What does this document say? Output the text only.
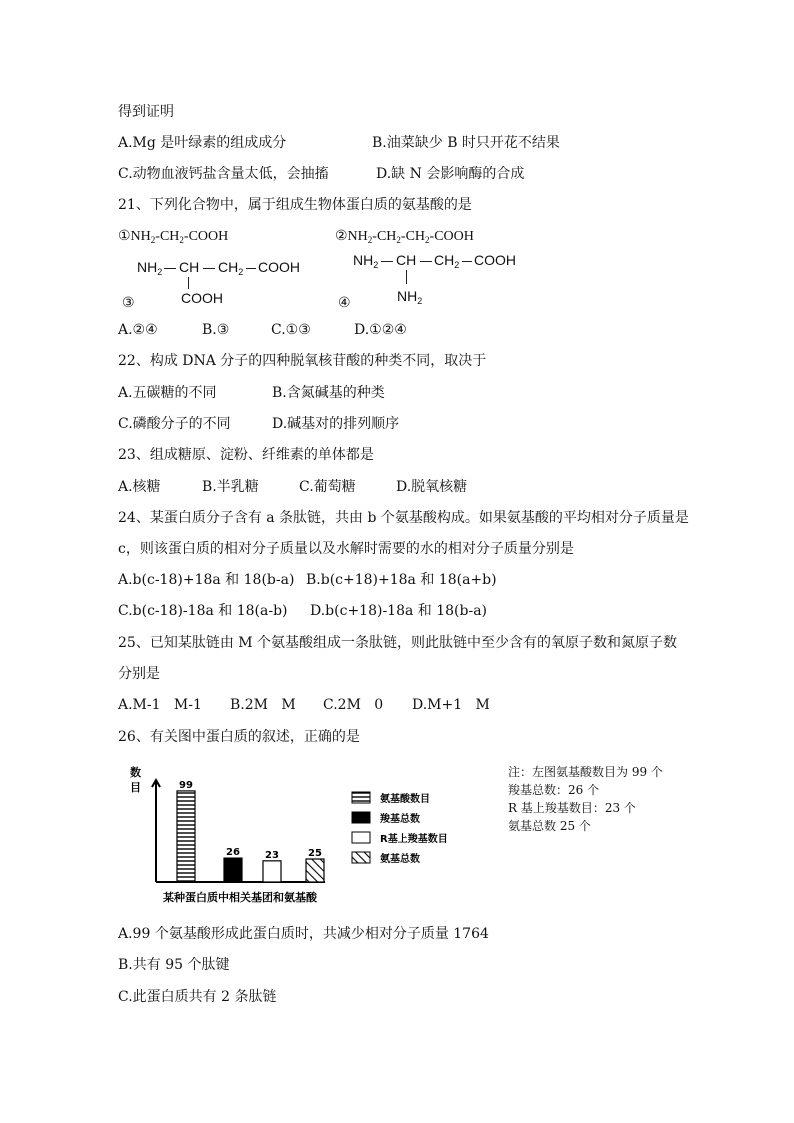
得到证明
A.Mg 是叶绿素的组成成分	B.油菜缺少 B 时只开花不结果
C.动物血液钙盐含量太低，会抽搐	D.缺 N 会影响酶的合成
21、下列化合物中，属于组成生物体蛋白质的氨基酸的是
$①NH_2-CH_2$-COOH	$②NH_2-CH_2-CH_2$-COOH
$NH_2$ CH $CH_2$ COOH
COOH
③
$NH_2$ CH $CH_2$ COOH
$NH_2$
④
A.②④	B.③	C.①③	D.①②④
22、构成 DNA 分子的四种脱氧核苷酸的种类不同，取决于
A.五碳糖的不同	B.含氮碱基的种类
C.磷酸分子的不同	D.碱基对的排列顺序
23、组成糖原、淀粉、纤维素的单体都是
A.核糖	B.半乳糖	C.葡萄糖	D.脱氧核糖
24、某蛋白质分子含有 a 条肽链，共由 b 个氨基酸构成。如果氨基酸的平均相对分子质量是
c，则该蛋白质的相对分子质量以及水解时需要的水的相对分子质量分别是
A.b(c-18)+18a 和 18(b-a) B.b(c+18)+18a 和 18(a+b)
C.b(c-18)-18a 和 18(a-b) D.b(c+18)-18a 和 18(b-a)
25、已知某肽链由 M 个氨基酸组成一条肽链，则此肽链中至少含有的氧原子数和氮原子数
分别是
A.M-1   M-1 B.2M   M C.2M   0 D.M+1   M
26、有关图中蛋白质的叙述，正确的是
数
目
某种蛋白质中相关基团和氨基酸
99
26	23	25
氨基酸数目
羧基总数
R基上羧基数目
氨基总数
注：左图氨基酸数目为 99 个
羧基总数：26 个
R 基上羧基数目：23 个
氨基总数 25 个
A.99 个氨基酸形成此蛋白质时，共减少相对分子质量 1764
B.共有 95 个肽键
C.此蛋白质共有 2 条肽链
